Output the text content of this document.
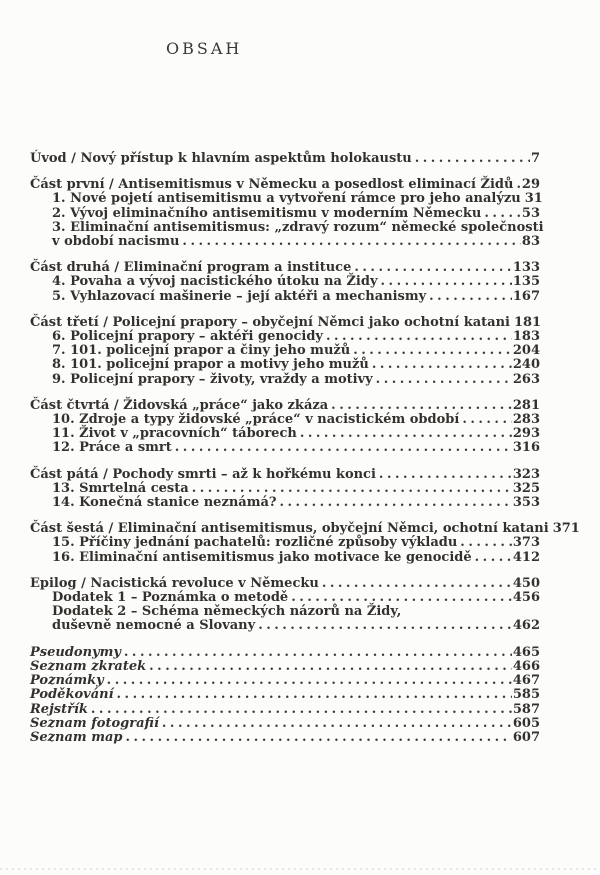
OBSAH
Úvod / Nový přístup k hlavním aspektům holokaustu .....	7
Část první / Antisemitismus v Německu a posedlost eliminací Židů ..... 29
1. Nové pojetí antisemitismu a vytvoření rámce pro jeho analýzu 31
2. Vývoj eliminačního antisemitismu v moderním Německu .....	53
3. Eliminační antisemitismus: „zdravý rozum“ německé společnosti
v období nacismu .....	83
Část druhá / Eliminační program a instituce .....	133
4. Povaha a vývoj nacistického útoku na Židy .....	135
5. Vyhlazovací mašinerie – její aktéři a mechanismy .....	167
Část třetí / Policejní prapory – obyčejní Němci jako ochotní katani 181
6. Policejní prapory – aktéři genocidy .....	183
7. 101. policejní prapor a činy jeho mužů .....	204
8. 101. policejní prapor a motivy jeho mužů .....	240
9. Policejní prapory – životy, vraždy a motivy .....	263
Část čtvrtá / Židovská „práce“ jako zkáza .....	281
10. Zdroje a typy židovské „práce“ v nacistickém období .....	283
11. Život v „pracovních“ táborech .....	293
12. Práce a smrt .....	316
Část pátá / Pochody smrti – až k hořkému konci .....	323
13. Smrtelná cesta .....	325
14. Konečná stanice neznámá? .....	353
Část šestá / Eliminační antisemitismus, obyčejní Němci, ochotní katani 371
15. Příčiny jednání pachatelů: rozličné způsoby výkladu .....	373
16. Eliminační antisemitismus jako motivace ke genocidě .....	412
Epilog / Nacistická revoluce v Německu .....	450
Dodatek 1 – Poznámka o metodě .....	456
Dodatek 2 – Schéma německých názorů na Židy,
duševně nemocné a Slovany .....	462
Pseudonymy .....	465
Seznam zkratek .....	466
Poznámky .....	467
Poděkování .....	585
Rejstřík .....	587
Seznam fotografií .....	605
Seznam map .....	607
